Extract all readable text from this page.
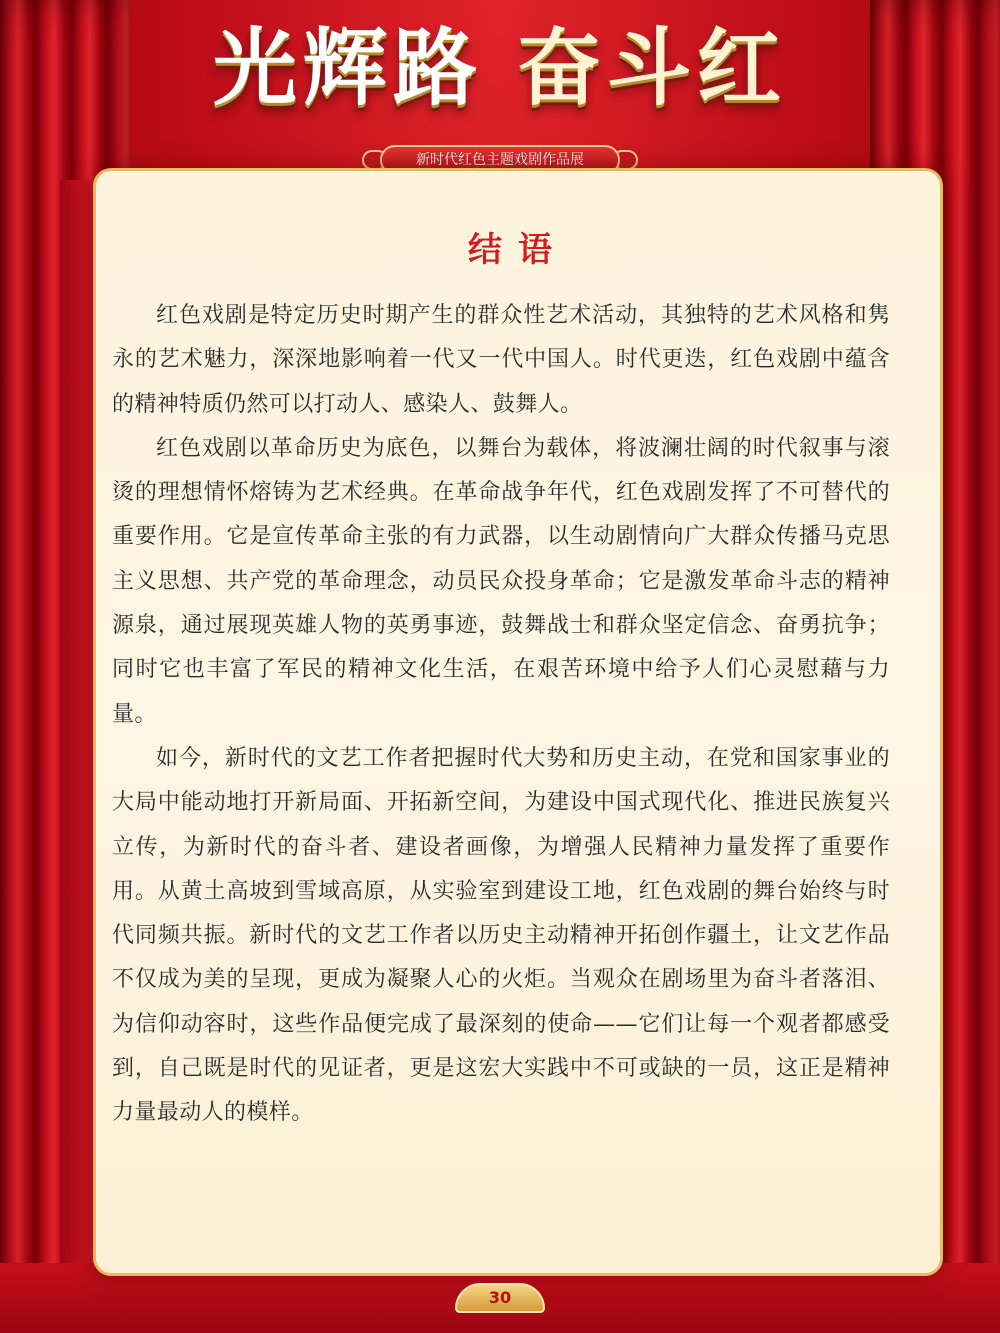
光辉路 奋斗红
新时代红色主题戏剧作品展
结语

红色戏剧是特定历史时期产生的群众性艺术活动，其独特的艺术风格和隽永的艺术魅力，深深地影响着一代又一代中国人。时代更迭，红色戏剧中蕴含的精神特质仍然可以打动人、感染人、鼓舞人。

红色戏剧以革命历史为底色，以舞台为载体，将波澜壮阔的时代叙事与滚烫的理想情怀熔铸为艺术经典。在革命战争年代，红色戏剧发挥了不可替代的重要作用。它是宣传革命主张的有力武器，以生动剧情向广大群众传播马克思主义思想、共产党的革命理念，动员民众投身革命；它是激发革命斗志的精神源泉，通过展现英雄人物的英勇事迹，鼓舞战士和群众坚定信念、奋勇抗争；同时它也丰富了军民的精神文化生活，在艰苦环境中给予人们心灵慰藉与力量。

如今，新时代的文艺工作者把握时代大势和历史主动，在党和国家事业的大局中能动地打开新局面、开拓新空间，为建设中国式现代化、推进民族复兴立传，为新时代的奋斗者、建设者画像，为增强人民精神力量发挥了重要作用。从黄土高坡到雪域高原，从实验室到建设工地，红色戏剧的舞台始终与时代同频共振。新时代的文艺工作者以历史主动精神开拓创作疆土，让文艺作品不仅成为美的呈现，更成为凝聚人心的火炬。当观众在剧场里为奋斗者落泪、为信仰动容时，这些作品便完成了最深刻的使命——它们让每一个观者都感受到，自己既是时代的见证者，更是这宏大实践中不可或缺的一员，这正是精神力量最动人的模样。

30
